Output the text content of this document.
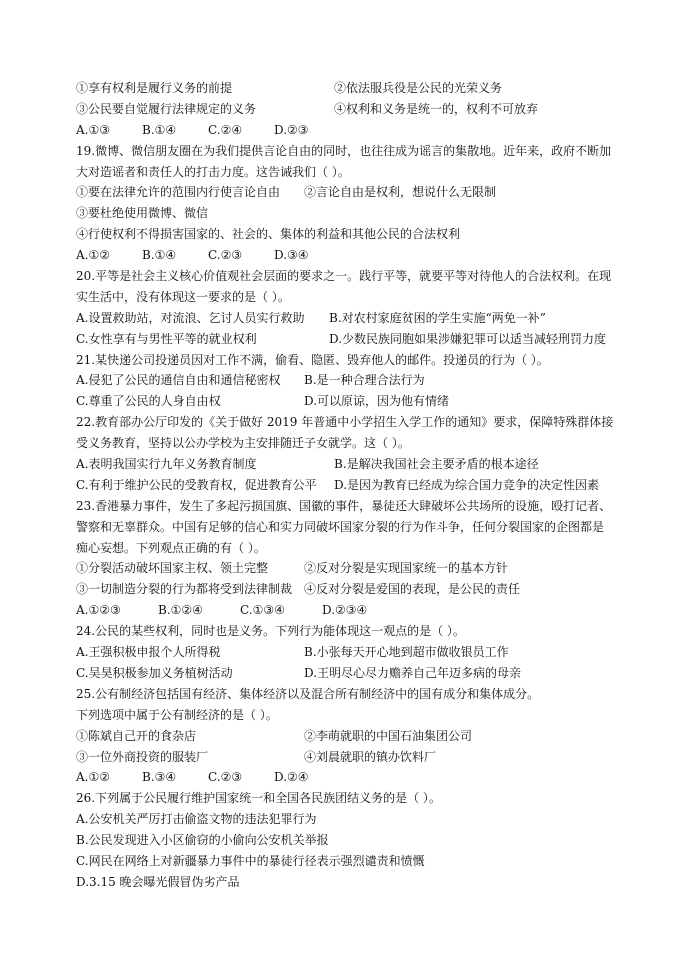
①享有权利是履行义务的前提	②依法服兵役是公民的光荣义务
③公民要自觉履行法律规定的义务	④权利和义务是统一的，权利不可放弃
A.①③	B.①④	C.②④	D.②③
19.微博、微信朋友圈在为我们提供言论自由的同时，也往往成为谣言的集散地。近年来，政府不断加
大对造谣者和责任人的打击力度。这告诫我们（ ）。
①要在法律允许的范围内行使言论自由	②言论自由是权利，想说什么无限制
③要杜绝使用微博、微信
④行使权利不得损害国家的、社会的、集体的利益和其他公民的合法权利
A.①②	B.①④	C.②③	D.③④
20.平等是社会主义核心价值观社会层面的要求之一。践行平等，就要平等对待他人的合法权利。在现
实生活中，没有体现这一要求的是（ ）。
A.设置救助站，对流浪、乞讨人员实行救助	B.对农村家庭贫困的学生实施“两免一补”
C.女性享有与男性平等的就业权利	D.少数民族同胞如果涉嫌犯罪可以适当减轻刑罚力度
21.某快递公司投递员因对工作不满，偷看、隐匿、毁弃他人的邮件。投递员的行为（ ）。
A.侵犯了公民的通信自由和通信秘密权	B.是一种合理合法行为
C.尊重了公民的人身自由权	D.可以原谅，因为他有情绪
22.教育部办公厅印发的《关于做好 2019 年普通中小学招生入学工作的通知》要求，保障特殊群体接
受义务教育，坚持以公办学校为主安排随迁子女就学。这（ ）。
A.表明我国实行九年义务教育制度	B.是解决我国社会主要矛盾的根本途径
C.有利于维护公民的受教育权，促进教育公平	D.是因为教育已经成为综合国力竞争的决定性因素
23.香港暴力事件，发生了多起污损国旗、国徽的事件，暴徒还大肆破坏公共场所的设施，殴打记者、
警察和无辜群众。中国有足够的信心和实力同破坏国家分裂的行为作斗争，任何分裂国家的企图都是
痴心妄想。下列观点正确的有（ ）。
①分裂活动破坏国家主权、领土完整	②反对分裂是实现国家统一的基本方针
③一切制造分裂的行为都将受到法律制裁 ④反对分裂是爱国的表现，是公民的责任
A.①②③	B.①②④	C.①③④	D.②③④
24.公民的某些权利，同时也是义务。下列行为能体现这一观点的是（ ）。
A.王强积极申报个人所得税	B.小张每天开心地到超市做收银员工作
C.吴昊积极参加义务植树活动	D.王明尽心尽力赡养自己年迈多病的母亲
25.公有制经济包括国有经济、集体经济以及混合所有制经济中的国有成分和集体成分。
下列选项中属于公有制经济的是（ ）。
①陈斌自己开的食杂店	②李萌就职的中国石油集团公司
③一位外商投资的服装厂	④刘晨就职的镇办饮料厂
A.①②	B.③④	C.②③	D.②④
26.下列属于公民履行维护国家统一和全国各民族团结义务的是（ ）。
A.公安机关严厉打击偷盗文物的违法犯罪行为
B.公民发现进入小区偷窃的小偷向公安机关举报
C.网民在网络上对新疆暴力事件中的暴徒行径表示强烈谴责和愤慨
D.3.15 晚会曝光假冒伪劣产品
